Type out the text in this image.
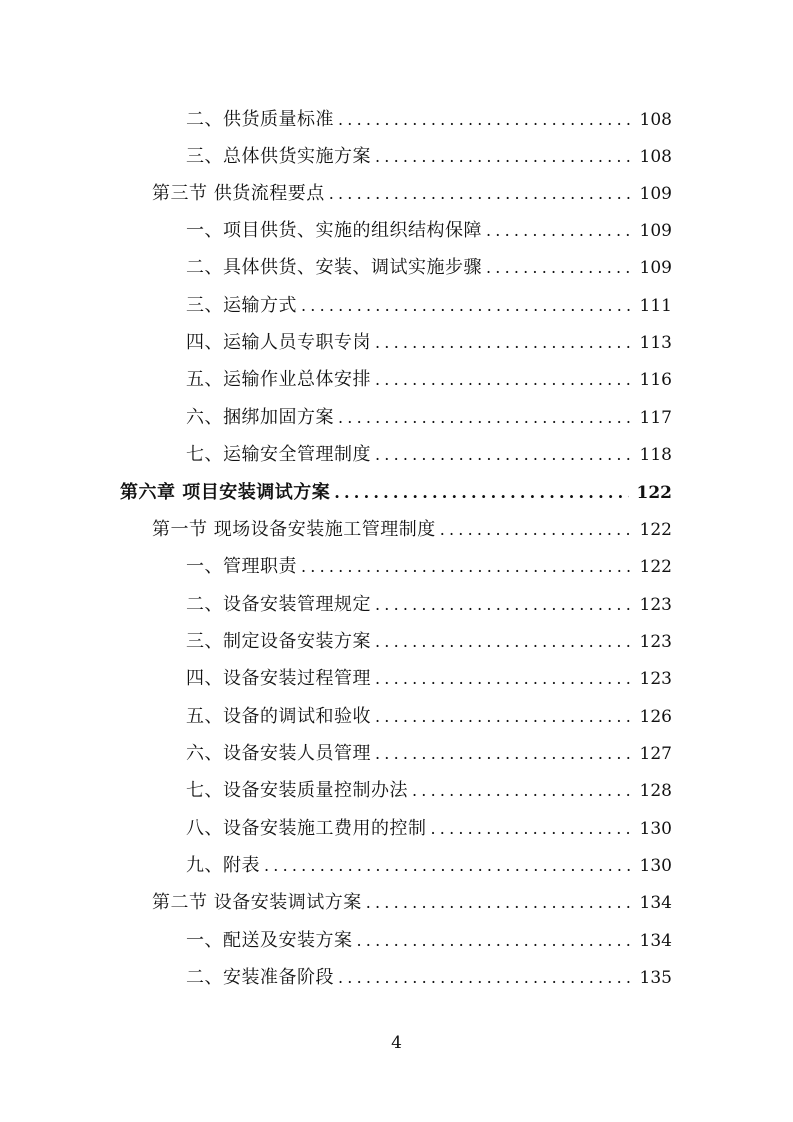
二、供货质量标准 .....	108
三、总体供货实施方案 .....	108
第三节 供货流程要点 .....	109
一、项目供货、实施的组织结构保障 .....	109
二、具体供货、安装、调试实施步骤 .....	109
三、运输方式 .....	111
四、运输人员专职专岗 .....	113
五、运输作业总体安排 .....	116
六、捆绑加固方案 .....	117
七、运输安全管理制度 .....	118
第六章 项目安装调试方案 .....	122
第一节 现场设备安装施工管理制度 .....	122
一、管理职责 .....	122
二、设备安装管理规定 .....	123
三、制定设备安装方案 .....	123
四、设备安装过程管理 .....	123
五、设备的调试和验收 .....	126
六、设备安装人员管理 .....	127
七、设备安装质量控制办法 .....	128
八、设备安装施工费用的控制 .....	130
九、附表 .....	130
第二节 设备安装调试方案 .....	134
一、配送及安装方案 .....	134
二、安装准备阶段 .....	135
4
